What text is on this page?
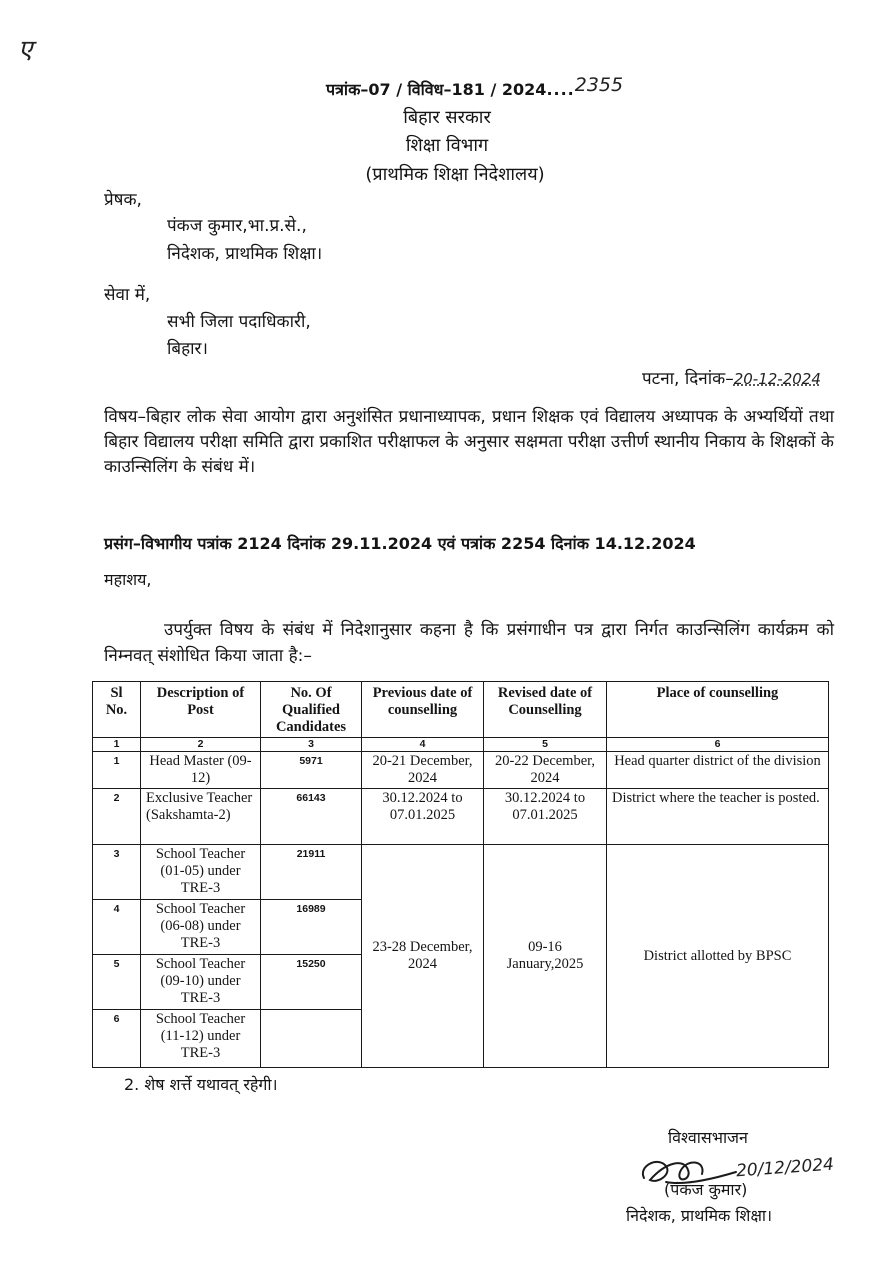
ए
पत्रांक–07 / विविध–181 / 2024....2355
बिहार सरकार
शिक्षा विभाग
(प्राथमिक शिक्षा निदेशालय)
प्रेषक,
पंकज कुमार,भा.प्र.से.,
निदेशक, प्राथमिक शिक्षा।
सेवा में,
सभी जिला पदाधिकारी,
बिहार।
पटना, दिनांक–20-12-2024
विषय–बिहार लोक सेवा आयोग द्वारा अनुशंसित प्रधानाध्यापक, प्रधान शिक्षक एवं विद्यालय अध्यापक के अभ्यर्थियों तथा बिहार विद्यालय परीक्षा समिति द्वारा प्रकाशित परीक्षाफल के अनुसार सक्षमता परीक्षा उत्तीर्ण स्थानीय निकाय के शिक्षकों के काउन्सिलिंग के संबंध में।
प्रसंग–विभागीय पत्रांक 2124 दिनांक 29.11.2024 एवं पत्रांक 2254 दिनांक 14.12.2024
महाशय,
उपर्युक्त विषय के संबंध में निदेशानुसार कहना है कि प्रसंगाधीन पत्र द्वारा निर्गत काउन्सिलिंग कार्यक्रम को निम्नवत् संशोधित किया जाता है:–
Sl No.	Description of Post	No. Of Qualified Candidates	Previous date of counselling	Revised date of Counselling	Place of counselling
1	2	3	4	5	6
1	Head Master (09-12)	5971	20-21 December, 2024	20-22 December, 2024	Head quarter district of the division
2	Exclusive Teacher (Sakshamta-2)	66143	30.12.2024 to 07.01.2025	30.12.2024 to 07.01.2025	District where the teacher is posted.
3	School Teacher (01-05) under TRE-3	21911	23-28 December, 2024	09-16 January,2025	District allotted by BPSC
4	School Teacher (06-08) under TRE-3	16989			
5	School Teacher (09-10) under TRE-3	15250			
6	School Teacher (11-12) under TRE-3				
2. शेष शर्त्ते यथावत् रहेगी।
विश्वासभाजन
20/12/2024
(पंकज कुमार)
निदेशक, प्राथमिक शिक्षा।
